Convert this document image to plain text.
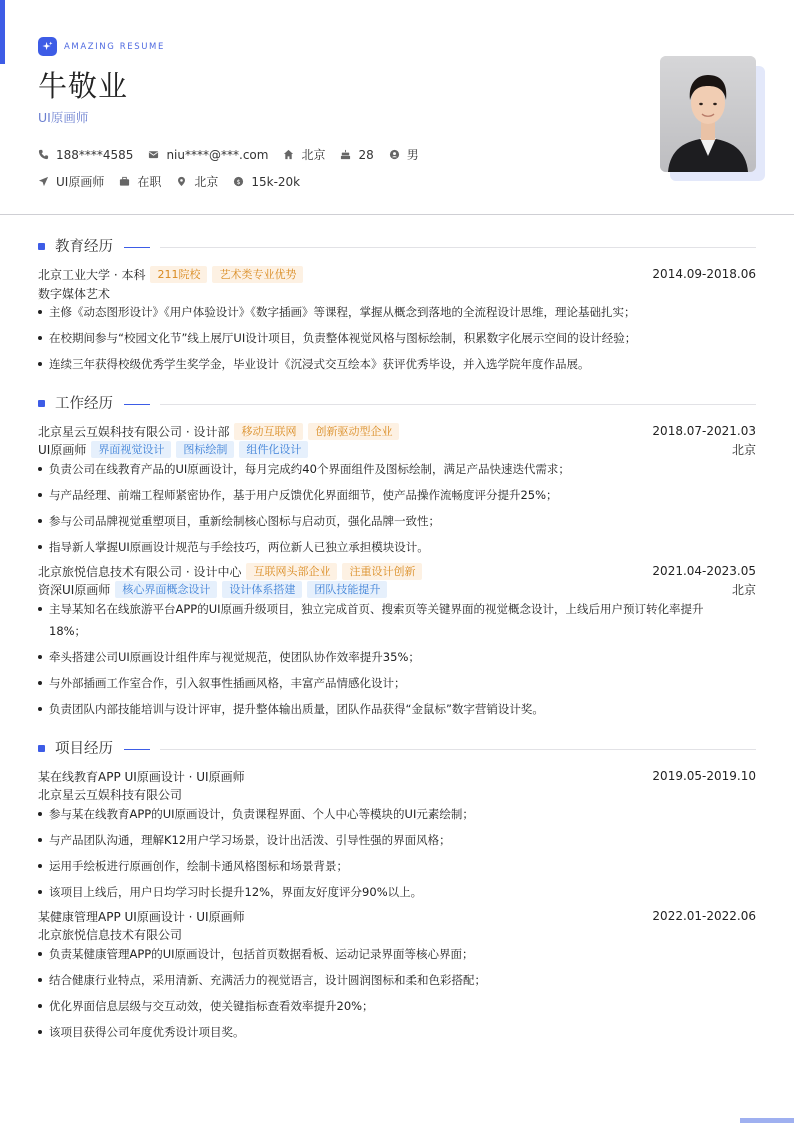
AMAZING RESUME
牛敬业
UI原画师
188****4585	niu****@***.com	北京	28	男
UI原画师	在职	北京	$ 15k-20k
教育经历
北京工业大学 · 本科	211院校	艺术类专业优势	2014.09-2018.06
数字媒体艺术
主修《动态图形设计》《用户体验设计》《数字插画》等课程，掌握从概念到落地的全流程设计思维，理论基础扎实；
在校期间参与“校园文化节”线上展厅UI设计项目，负责整体视觉风格与图标绘制，积累数字化展示空间的设计经验；
连续三年获得校级优秀学生奖学金，毕业设计《沉浸式交互绘本》获评优秀毕设，并入选学院年度作品展。
工作经历
北京星云互娱科技有限公司 · 设计部	移动互联网	创新驱动型企业	2018.07-2021.03
UI原画师	界面视觉设计	图标绘制	组件化设计	北京
负责公司在线教育产品的UI原画设计，每月完成约40个界面组件及图标绘制，满足产品快速迭代需求；
与产品经理、前端工程师紧密协作，基于用户反馈优化界面细节，使产品操作流畅度评分提升25%；
参与公司品牌视觉重塑项目，重新绘制核心图标与启动页，强化品牌一致性；
指导新人掌握UI原画设计规范与手绘技巧，两位新人已独立承担模块设计。
北京旅悦信息技术有限公司 · 设计中心	互联网头部企业	注重设计创新	2021.04-2023.05
资深UI原画师	核心界面概念设计	设计体系搭建	团队技能提升	北京
主导某知名在线旅游平台APP的UI原画升级项目，独立完成首页、搜索页等关键界面的视觉概念设计，上线后用户预订转化率提升
18%；
牵头搭建公司UI原画设计组件库与视觉规范，使团队协作效率提升35%；
与外部插画工作室合作，引入叙事性插画风格，丰富产品情感化设计；
负责团队内部技能培训与设计评审，提升整体输出质量，团队作品获得“金鼠标”数字营销设计奖。
项目经历
某在线教育APP UI原画设计 · UI原画师	2019.05-2019.10
北京星云互娱科技有限公司
参与某在线教育APP的UI原画设计，负责课程界面、个人中心等模块的UI元素绘制；
与产品团队沟通，理解K12用户学习场景，设计出活泼、引导性强的界面风格；
运用手绘板进行原画创作，绘制卡通风格图标和场景背景；
该项目上线后，用户日均学习时长提升12%，界面友好度评分90%以上。
某健康管理APP UI原画设计 · UI原画师	2022.01-2022.06
北京旅悦信息技术有限公司
负责某健康管理APP的UI原画设计，包括首页数据看板、运动记录界面等核心界面；
结合健康行业特点，采用清新、充满活力的视觉语言，设计圆润图标和柔和色彩搭配；
优化界面信息层级与交互动效，使关键指标查看效率提升20%；
该项目获得公司年度优秀设计项目奖。
